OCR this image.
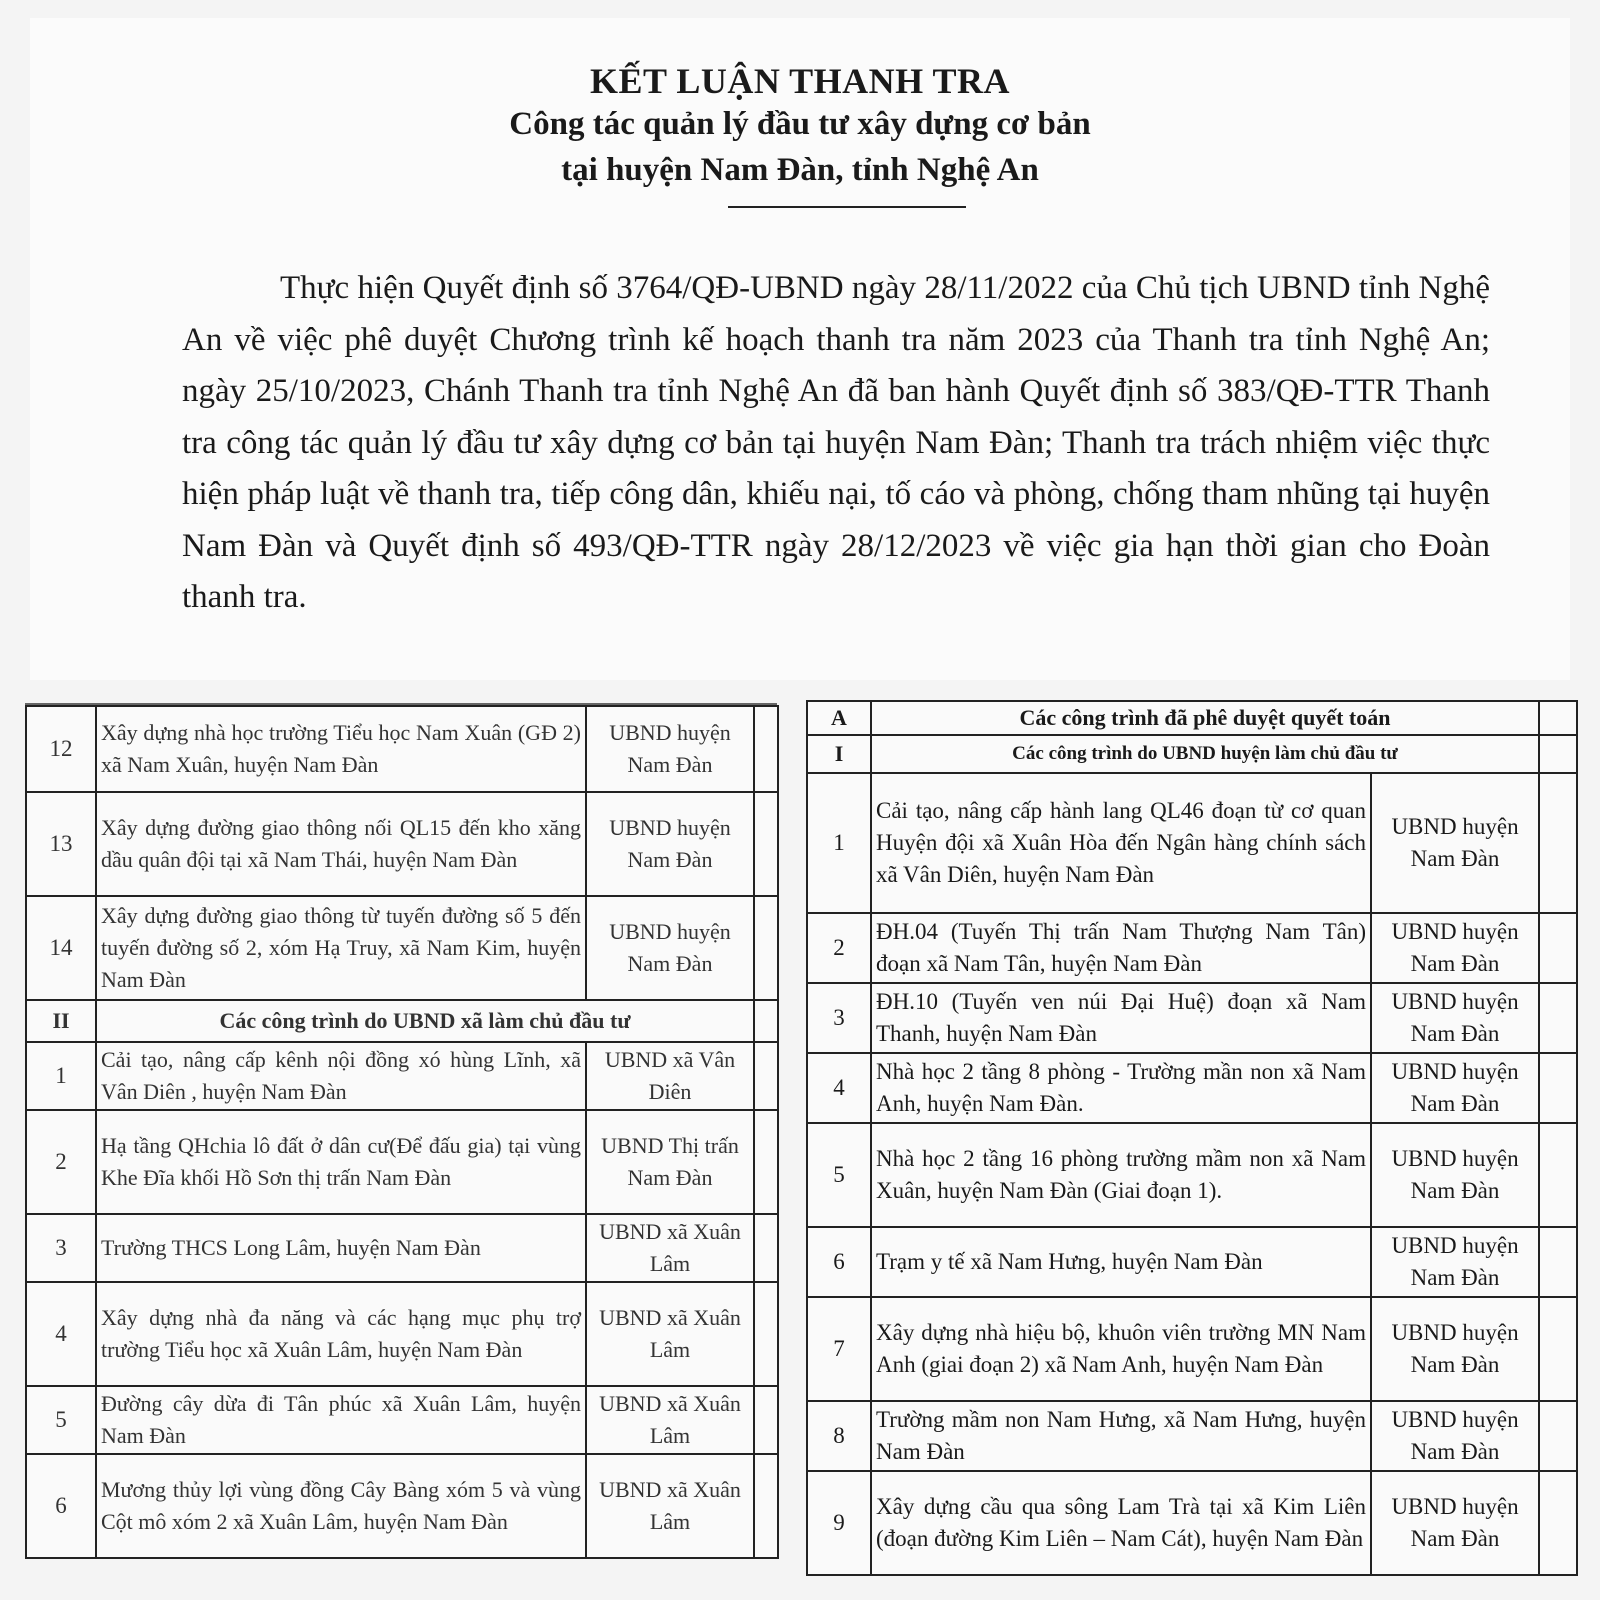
KẾT LUẬN THANH TRA
Công tác quản lý đầu tư xây dựng cơ bản
tại huyện Nam Đàn, tỉnh Nghệ An

Thực hiện Quyết định số 3764/QĐ-UBND ngày 28/11/2022 của Chủ tịch UBND tỉnh Nghệ An về việc phê duyệt Chương trình kế hoạch thanh tra năm 2023 của Thanh tra tỉnh Nghệ An; ngày 25/10/2023, Chánh Thanh tra tỉnh Nghệ An đã ban hành Quyết định số 383/QĐ-TTR Thanh tra công tác quản lý đầu tư xây dựng cơ bản tại huyện Nam Đàn; Thanh tra trách nhiệm việc thực hiện pháp luật về thanh tra, tiếp công dân, khiếu nại, tố cáo và phòng, chống tham nhũng tại huyện Nam Đàn và Quyết định số 493/QĐ-TTR ngày 28/12/2023 về việc gia hạn thời gian cho Đoàn thanh tra.

12	Xây dựng nhà học trường Tiểu học Nam Xuân (GĐ 2) xã Nam Xuân, huyện Nam Đàn	UBND huyện Nam Đàn	
13	Xây dựng đường giao thông nối QL15 đến kho xăng dầu quân đội tại xã Nam Thái, huyện Nam Đàn	UBND huyện Nam Đàn	
14	Xây dựng đường giao thông từ tuyến đường số 5 đến tuyến đường số 2, xóm Hạ Truy, xã Nam Kim, huyện Nam Đàn	UBND huyện Nam Đàn	
II	Các công trình do UBND xã làm chủ đầu tư		
1	Cải tạo, nâng cấp kênh nội đồng xó hùng Lĩnh, xã Vân Diên , huyện Nam Đàn	UBND xã Vân Diên	
2	Hạ tầng QHchia lô đất ở dân cư(Để đấu gia) tại vùng Khe Đĩa khối Hồ Sơn thị trấn Nam Đàn	UBND Thị trấn Nam Đàn	
3	Trường THCS Long Lâm, huyện Nam Đàn	UBND xã Xuân Lâm	
4	Xây dựng nhà đa năng và các hạng mục phụ trợ trường Tiểu học xã Xuân Lâm, huyện Nam Đàn	UBND xã Xuân Lâm	
5	Đường cây dừa đi Tân phúc xã Xuân Lâm, huyện Nam Đàn	UBND xã Xuân Lâm	
6	Mương thủy lợi vùng đồng Cây Bàng xóm 5 và vùng Cột mô xóm 2 xã Xuân Lâm, huyện Nam Đàn	UBND xã Xuân Lâm	
A	Các công trình đã phê duyệt quyết toán		
I	Các công trình do UBND huyện làm chủ đầu tư		
1	Cải tạo, nâng cấp hành lang QL46 đoạn từ cơ quan Huyện đội xã Xuân Hòa đến Ngân hàng chính sách xã Vân Diên, huyện Nam Đàn	UBND huyện Nam Đàn	
2	ĐH.04 (Tuyến Thị trấn Nam Thượng Nam Tân) đoạn xã Nam Tân, huyện Nam Đàn	UBND huyện Nam Đàn	
3	ĐH.10 (Tuyến ven núi Đại Huệ) đoạn xã Nam Thanh, huyện Nam Đàn	UBND huyện Nam Đàn	
4	Nhà học 2 tầng 8 phòng - Trường mần non xã Nam Anh, huyện Nam Đàn.	UBND huyện Nam Đàn	
5	Nhà học 2 tầng 16 phòng trường mầm non xã Nam Xuân, huyện Nam Đàn (Giai đoạn 1).	UBND huyện Nam Đàn	
6	Trạm y tế xã Nam Hưng, huyện Nam Đàn	UBND huyện Nam Đàn	
7	Xây dựng nhà hiệu bộ, khuôn viên trường MN Nam Anh (giai đoạn 2) xã Nam Anh, huyện Nam Đàn	UBND huyện Nam Đàn	
8	Trường mầm non Nam Hưng, xã Nam Hưng, huyện Nam Đàn	UBND huyện Nam Đàn	
9	Xây dựng cầu qua sông Lam Trà tại xã Kim Liên (đoạn đường Kim Liên – Nam Cát), huyện Nam Đàn	UBND huyện Nam Đàn	
